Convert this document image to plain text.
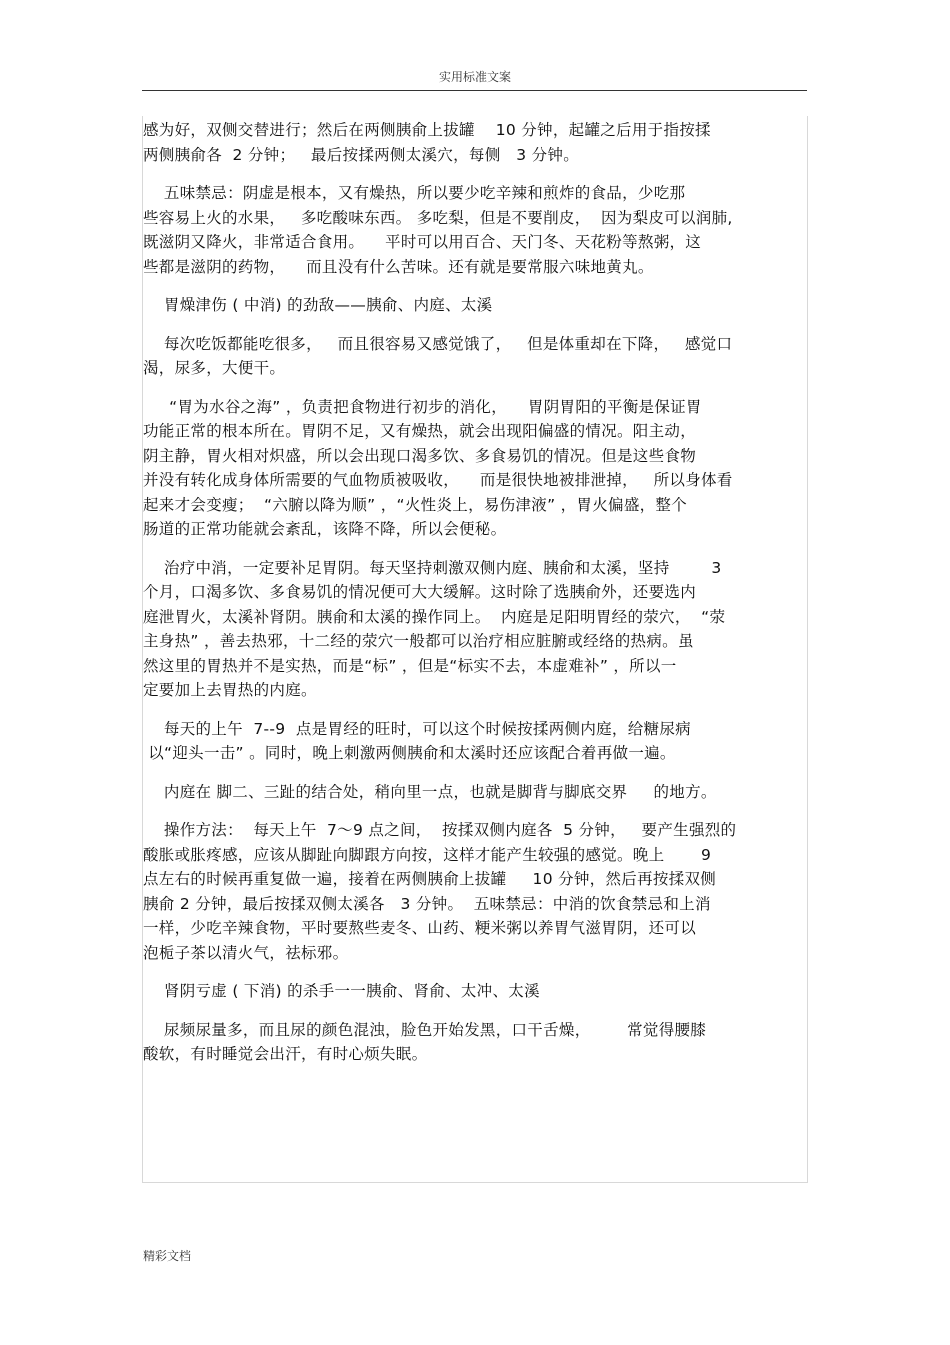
实用标准文案
感为好，双侧交替进行；然后在两侧胰俞上拔罐    10 分钟，起罐之后用于指按揉
两侧胰俞各  2 分钟；   最后按揉两侧太溪穴，每侧   3 分钟。
五味禁忌：阴虚是根本，又有燥热，所以要少吃辛辣和煎炸的食品，少吃那
些容易上火的水果，   多吃酸味东西。 多吃梨，但是不要削皮，  因为梨皮可以润肺,
既滋阴又降火，非常适合食用。    平时可以用百合、天门冬、天花粉等熬粥，这
些都是滋阴的药物，    而且没有什么苦味。还有就是要常服六味地黄丸。
胃燥津伤 ( 中消) 的劲敌——胰俞、内庭、太溪
每次吃饭都能吃很多，   而且很容易又感觉饿了，   但是体重却在下降，   感觉口
渴，尿多，大便干。
“胃为水谷之海” ，负责把食物进行初步的消化，    胃阴胃阳的平衡是保证胃
功能正常的根本所在。胃阴不足，又有燥热，就会出现阳偏盛的情况。阳主动，
阴主静，胃火相对炽盛，所以会出现口渴多饮、多食易饥的情况。但是这些食物
并没有转化成身体所需要的气血物质被吸收，    而是很快地被排泄掉，   所以身体看
起来才会变瘦；  “六腑以降为顺” ，“火性炎上，易伤津液” ，胃火偏盛，整个
肠道的正常功能就会紊乱，该降不降，所以会便秘。
治疗中消，一定要补足胃阴。每天坚持刺激双侧内庭、胰俞和太溪，坚持        3
个月，口渴多饮、多食易饥的情况便可大大缓解。这时除了选胰俞外，还要选内
庭泄胃火，太溪补肾阴。胰俞和太溪的操作同上。  内庭是足阳明胃经的荥穴，  “荥
主身热” ，善去热邪，十二经的荥穴一般都可以治疗相应脏腑或经络的热病。虽
然这里的胃热并不是实热，而是“标” ，但是“标实不去，本虚难补” ，所以一
定要加上去胃热的内庭。
每天的上午  7--9  点是胃经的旺时，可以这个时候按揉两侧内庭，给糖尿病
以“迎头一击” 。同时，晚上刺激两侧胰俞和太溪时还应该配合着再做一遍。
内庭在 脚二、三趾的结合处，稍向里一点，也就是脚背与脚底交界     的地方。
操作方法：  每天上午  7～9 点之间，  按揉双侧内庭各  5 分钟，   要产生强烈的
酸胀或胀疼感，应该从脚趾向脚跟方向按，这样才能产生较强的感觉。晚上       9
点左右的时候再重复做一遍，接着在两侧胰俞上拔罐     10 分钟，然后再按揉双侧
胰俞 2 分钟，最后按揉双侧太溪各   3 分钟。  五味禁忌：中消的饮食禁忌和上消
一样，少吃辛辣食物，平时要熬些麦冬、山药、粳米粥以养胃气滋胃阴，还可以
泡栀子茶以清火气，祛标邪。
肾阴亏虚 ( 下消) 的杀手一一胰俞、肾俞、太冲、太溪
尿频尿量多，而且尿的颜色混浊，脸色开始发黑，口干舌燥，       常觉得腰膝
酸软，有时睡觉会出汗，有时心烦失眠。
精彩文档
